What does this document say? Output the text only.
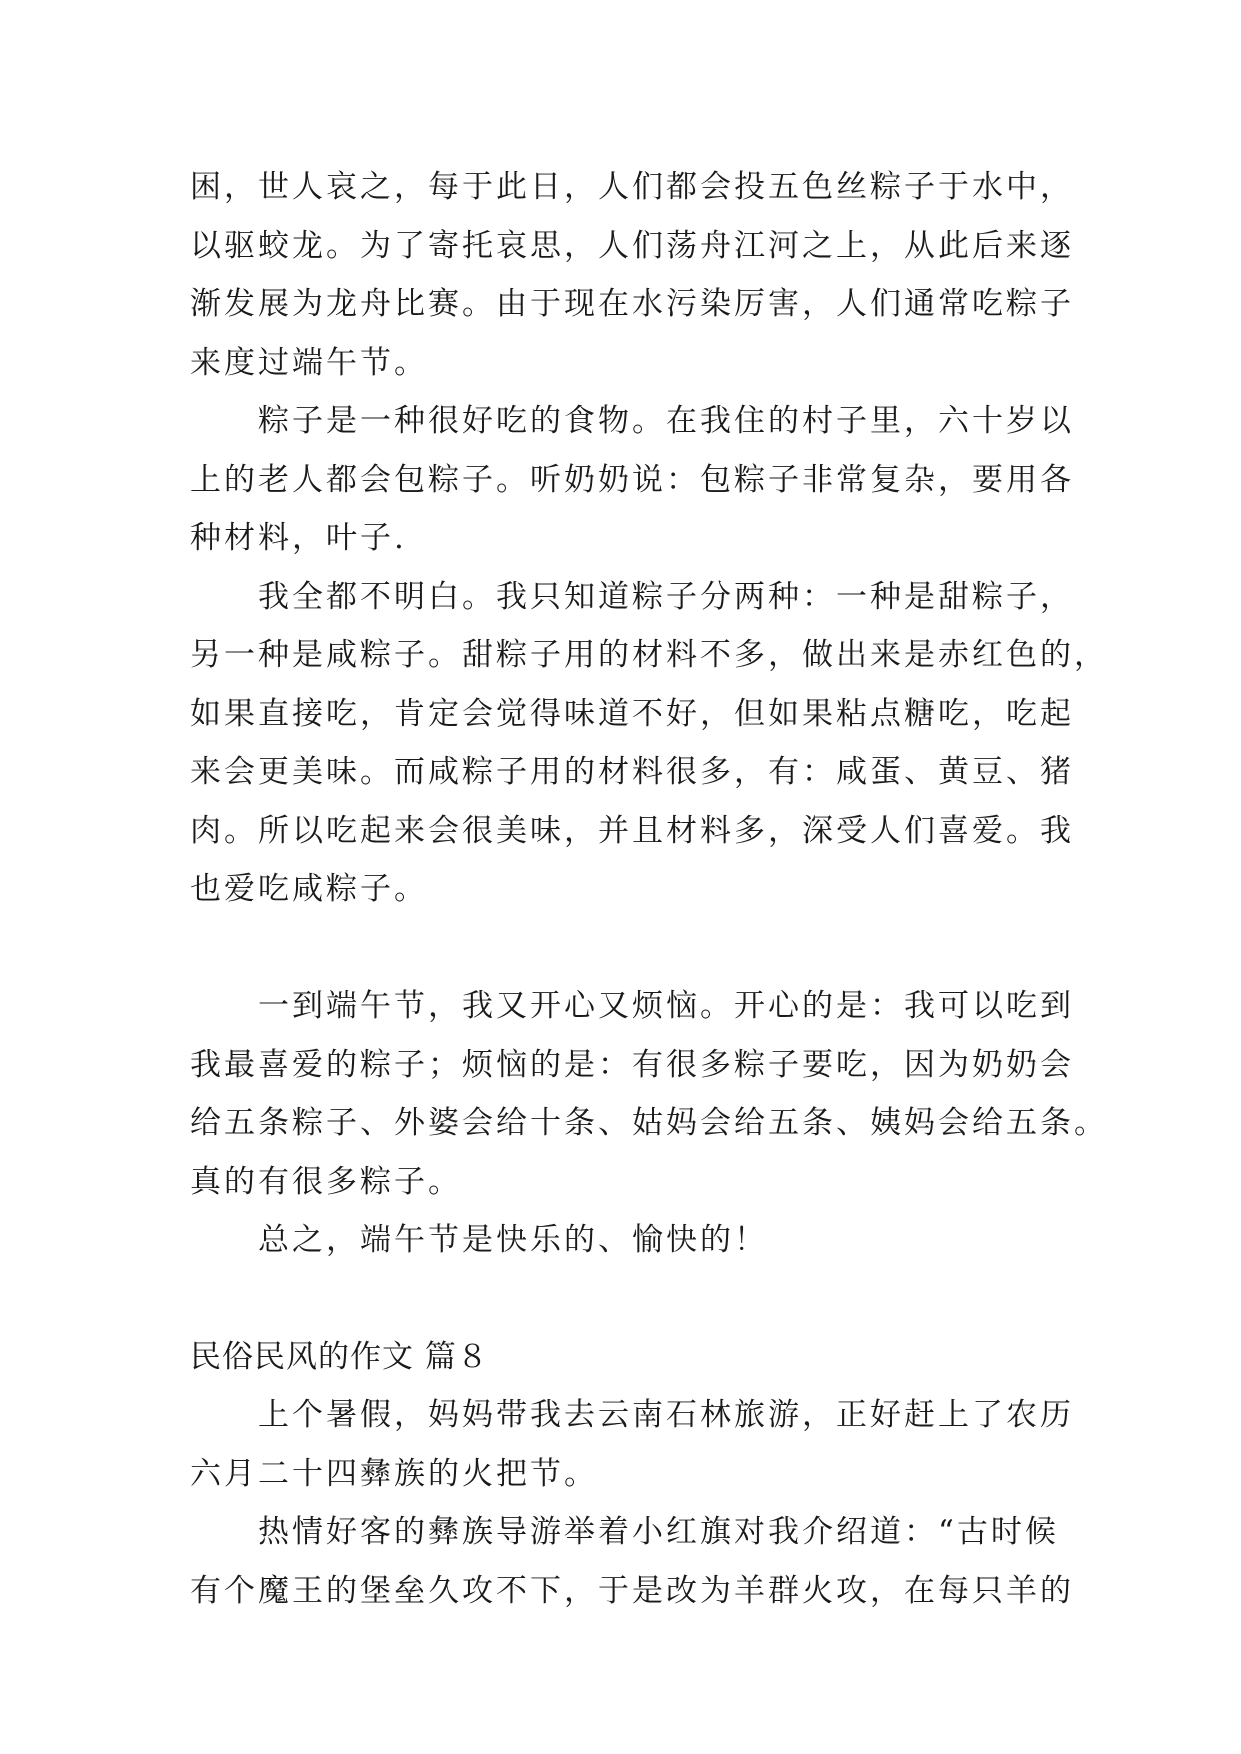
困，世人哀之，每于此日，人们都会投五色丝粽子于水中，
以驱蛟龙。为了寄托哀思，人们荡舟江河之上，从此后来逐
渐发展为龙舟比赛。由于现在水污染厉害，人们通常吃粽子
来度过端午节。
粽子是一种很好吃的食物。在我住的村子里，六十岁以
上的老人都会包粽子。听奶奶说：包粽子非常复杂，要用各
种材料，叶子.
我全都不明白。我只知道粽子分两种：一种是甜粽子，
另一种是咸粽子。甜粽子用的材料不多，做出来是赤红色的，
如果直接吃，肯定会觉得味道不好，但如果粘点糖吃，吃起
来会更美味。而咸粽子用的材料很多，有：咸蛋、黄豆、猪
肉。所以吃起来会很美味，并且材料多，深受人们喜爱。我
也爱吃咸粽子。
一到端午节，我又开心又烦恼。开心的是：我可以吃到
我最喜爱的粽子；烦恼的是：有很多粽子要吃，因为奶奶会
给五条粽子、外婆会给十条、姑妈会给五条、姨妈会给五条。
真的有很多粽子。
总之，端午节是快乐的、愉快的！
民俗民风的作文 篇８
上个暑假，妈妈带我去云南石林旅游，正好赶上了农历
六月二十四彝族的火把节。
热情好客的彝族导游举着小红旗对我介绍道：“古时候
有个魔王的堡垒久攻不下，于是改为羊群火攻，在每只羊的
